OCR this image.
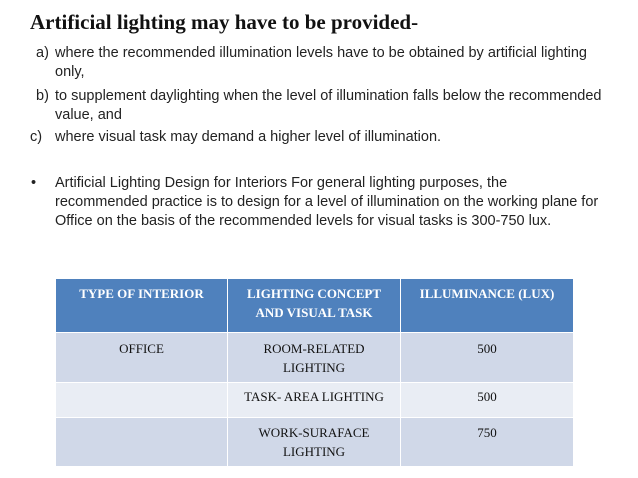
Artificial lighting may have to be provided-
a) where the recommended illumination levels have to be obtained by artificial lighting only,
b) to supplement daylighting when the level of illumination falls below the recommended value, and
c) where visual task may demand a higher level of illumination.
•	Artificial Lighting Design for Interiors For general lighting purposes, the recommended practice is to design for a level of illumination on the working plane for Office on the basis of the recommended levels for visual tasks is 300-750 lux.
TYPE OF INTERIOR	LIGHTING CONCEPT AND VISUAL TASK	ILLUMINANCE (LUX)
OFFICE	ROOM-RELATED LIGHTING	500
	TASK- AREA LIGHTING	500
	WORK-SURAFACE LIGHTING	750
